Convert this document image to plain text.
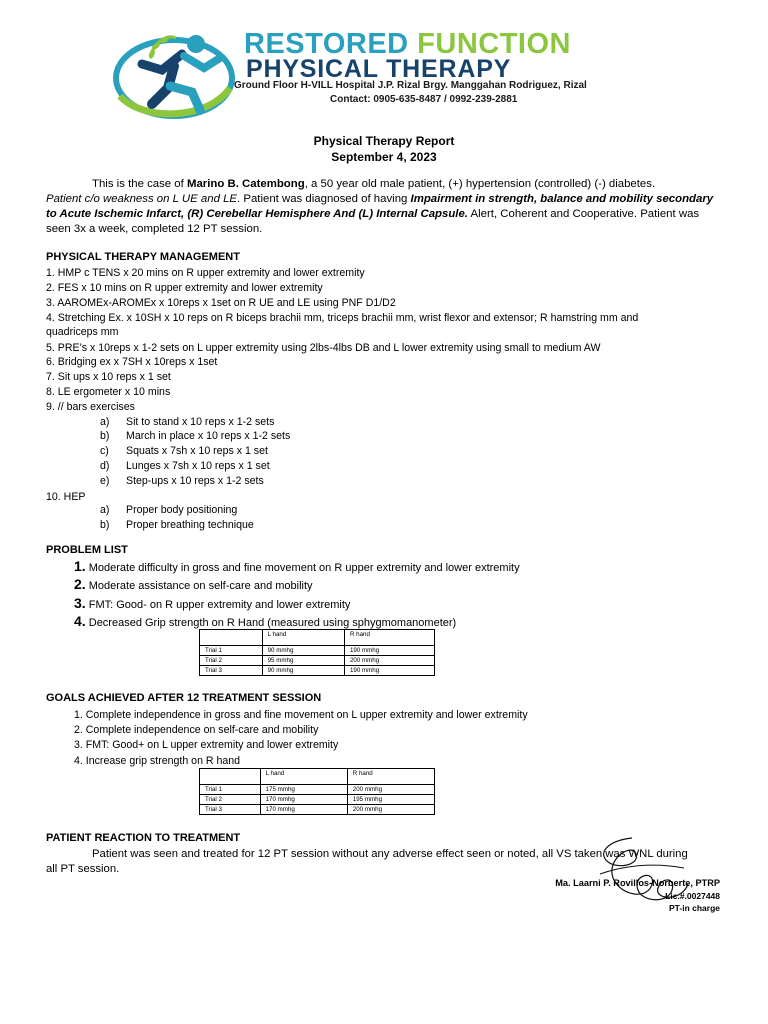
RESTORED FUNCTION
PHYSICAL THERAPY
Ground Floor H-VILL Hospital J.P. Rizal Brgy. Manggahan Rodriguez, Rizal
Contact: 0905-635-8487 / 0992-239-2881
Physical Therapy Report
September 4, 2023
This is the case of Marino B. Catembong, a 50 year old male patient, (+) hypertension (controlled) (-) diabetes.
Patient c/o weakness on L UE and LE. Patient was diagnosed of having Impairment in strength, balance and mobility secondary to Acute Ischemic Infarct, (R) Cerebellar Hemisphere And (L) Internal Capsule. Alert, Coherent and Cooperative. Patient was seen 3x a week, completed 12 PT session.
PHYSICAL THERAPY MANAGEMENT
1. HMP c TENS x 20 mins on R upper extremity and lower extremity
2. FES x 10 mins on R upper extremity and lower extremity
3. AAROMEx-AROMEx x 10reps x 1set on R UE and LE using PNF D1/D2
4. Stretching Ex. x 10SH x 10 reps on R biceps brachii mm, triceps brachii mm, wrist flexor and extensor; R hamstring mm and
quadriceps mm
5. PRE’s x 10reps x 1-2 sets on L upper extremity using 2lbs-4lbs DB and L lower extremity using small to medium AW
6. Bridging ex x 7SH x 10reps x 1set
7. Sit ups x 10 reps x 1 set
8. LE ergometer x 10 mins
9. // bars exercises
a) Sit to stand x 10 reps x 1-2 sets
b) March in place x 10 reps x 1-2 sets
c) Squats x 7sh x 10 reps x 1 set
d) Lunges x 7sh x 10 reps x 1 set
e) Step-ups x 10 reps x 1-2 sets
10. HEP
a) Proper body positioning
b) Proper breathing technique
PROBLEM LIST
1. Moderate difficulty in gross and fine movement on R upper extremity and lower extremity
2. Moderate assistance on self-care and mobility
3. FMT: Good- on R upper extremity and lower extremity
4. Decreased Grip strength on R Hand (measured using sphygmomanometer)
	L hand	R hand
Trial 1	90 mmhg	190 mmhg
Trial 2	95 mmhg	200 mmhg
Trial 3	90 mmhg	190 mmhg
GOALS ACHIEVED AFTER 12 TREATMENT SESSION
1. Complete independence in gross and fine movement on L upper extremity and lower extremity
2. Complete independence on self-care and mobility
3. FMT: Good+ on L upper extremity and lower extremity
4. Increase grip strength on R hand
	L hand	R hand
Trial 1	175 mmhg	200 mmhg
Trial 2	170 mmhg	195 mmhg
Trial 3	170 mmhg	200 mmhg
PATIENT REACTION TO TREATMENT
Patient was seen and treated for 12 PT session without any adverse effect seen or noted, all VS taken was WNL during
all PT session.
Ma. Laarni P. Rovillos-Norberte, PTRP
Lic.#.0027448
PT-in charge
